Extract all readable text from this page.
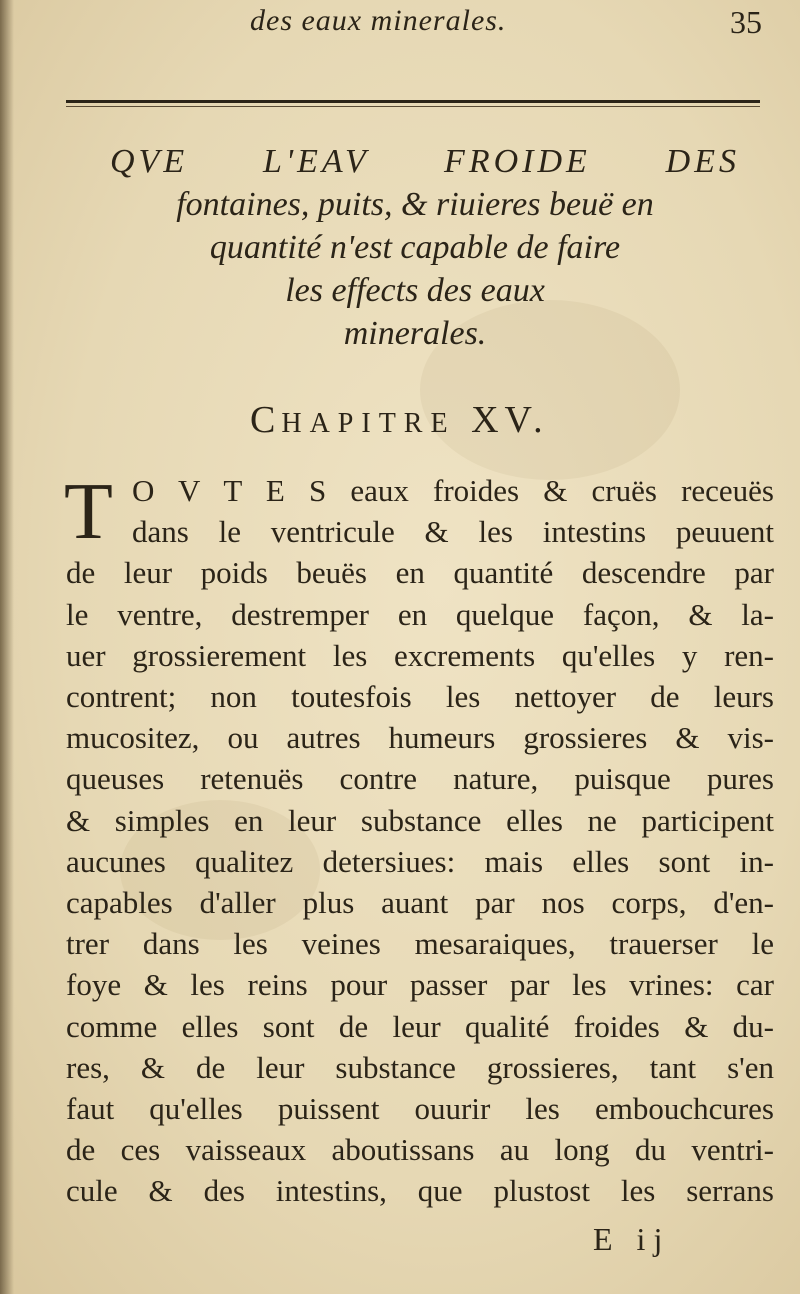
des eaux minerales.	35
QVE L'EAV FROIDE DES
fontaines, puits, & riuieres beuë en
quantité n'est capable de faire
les effects des eaux
minerales.
CHAPITRE XV.
T O V T E S eaux froides & cruës receuës
dans le ventricule & les intestins peuuent
de leur poids beuës en quantité descendre par
le ventre, destremper en quelque façon, & la-
uer grossierement les excrements qu'elles y ren-
contrent; non toutesfois les nettoyer de leurs
mucositez, ou autres humeurs grossieres & vis-
queuses retenuës contre nature, puisque pures
& simples en leur substance elles ne participent
aucunes qualitez detersiues: mais elles sont in-
capables d'aller plus auant par nos corps, d'en-
trer dans les veines mesaraiques, trauerser le
foye & les reins pour passer par les vrines: car
comme elles sont de leur qualité froides & du-
res, & de leur substance grossieres, tant s'en
faut qu'elles puissent ouurir les embouchcures
de ces vaisseaux aboutissans au long du ventri-
cule & des intestins, que plustost les serrans
E ij
